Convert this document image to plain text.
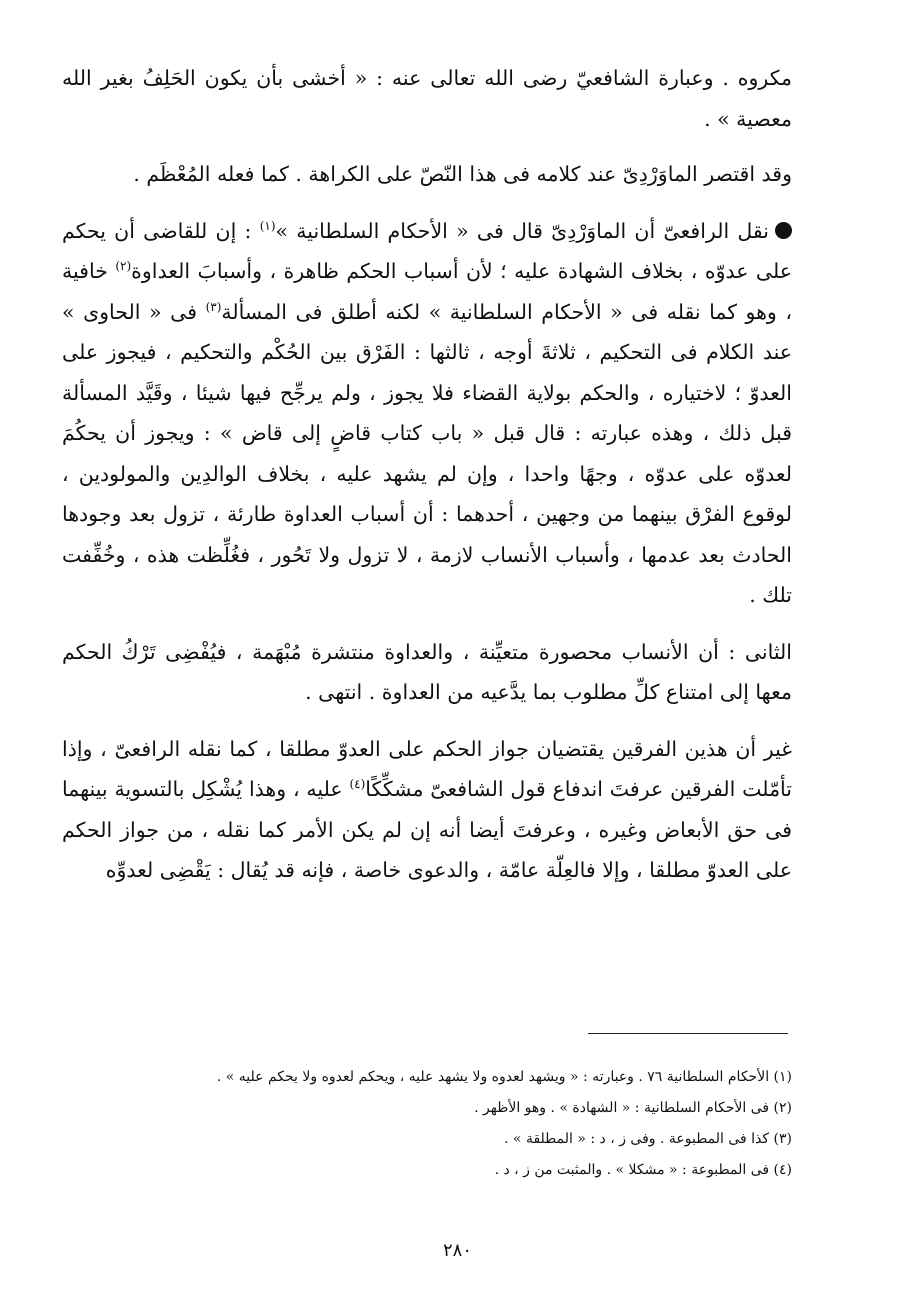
مكروه . وعبارة الشافعيّ رضى الله تعالى عنه : « أخشى بأن يكون الحَلِفُ بغير الله معصية » .

وقد اقتصر الماوَرْدِىّ عند كلامه فى هذا النّصّ على الكراهة . كما فعله المُعْظَم .

نقل الرافعىّ أن الماوَرْدِىّ قال فى « الأحكام السلطانية »$^{(١)}$ : إن للقاضى أن يحكم على عدوّه ، بخلاف الشهادة عليه ؛ لأن أسباب الحكم ظاهرة ، وأسبابَ العداوة$^{(٢)}$ خافية ، وهو كما نقله فى « الأحكام السلطانية » لكنه أطلق فى المسألة$^{(٣)}$ فى « الحاوى » عند الكلام فى التحكيم ، ثلاثةَ أوجه ، ثالثها : الفَرْق بين الحُكْم والتحكيم ، فيجوز على العدوّ ؛ لاختياره ، والحكم بولاية القضاء فلا يجوز ، ولم يرجِّح فيها شيئا ، وقَيَّد المسألة قبل ذلك ، وهذه عبارته : قال قبل « باب كتاب قاضٍ إلى قاض » : ويجوز أن يحكُمَ لعدوّه على عدوّه ، وجهًا واحدا ، وإن لم يشهد عليه ، بخلاف الوالدِين والمولودين ، لوقوع الفرْق بينهما من وجهين ، أحدهما : أن أسباب العداوة طارئة ، تزول بعد وجودها الحادث بعد عدمها ، وأسباب الأنساب لازمة ، لا تزول ولا تَحُور ، فغُلِّظت هذه ، وخُفِّفت تلك .

الثانى : أن الأنساب محصورة متعيِّنة ، والعداوة منتشرة مُبْهَمة ، فيُفْضِى تَرْكُ الحكم معها إلى امتناع كلِّ مطلوب بما يدَّعيه من العداوة . انتهى .

غير أن هذين الفرقين يقتضيان جواز الحكم على العدوّ مطلقا ، كما نقله الرافعىّ ، وإذا تأمّلت الفرقين عرفتَ اندفاع قول الشافعىّ مشكِّكًا$^{(٤)}$ عليه ، وهذا يُشْكِل بالتسوية بينهما فى حق الأبعاض وغيره ، وعرفتَ أيضا أنه إن لم يكن الأمر كما نقله ، من جواز الحكم على العدوّ مطلقا ، وإلا فالعِلّة عامّة ، والدعوى خاصة ، فإنه قد يُقال : يَقْضِى لعدوِّه

(١) الأحكام السلطانية ٧٦ . وعبارته : « ويشهد لعدوه ولا يشهد عليه ، ويحكم لعدوه ولا يحكم عليه » .
(٢) فى الأحكام السلطانية : « الشهادة » . وهو الأظهر .
(٣) كذا فى المطبوعة . وفى ز ، د : « المطلقة » .
(٤) فى المطبوعة : « مشكلا » . والمثبت من ز ، د .
٢٨٠
